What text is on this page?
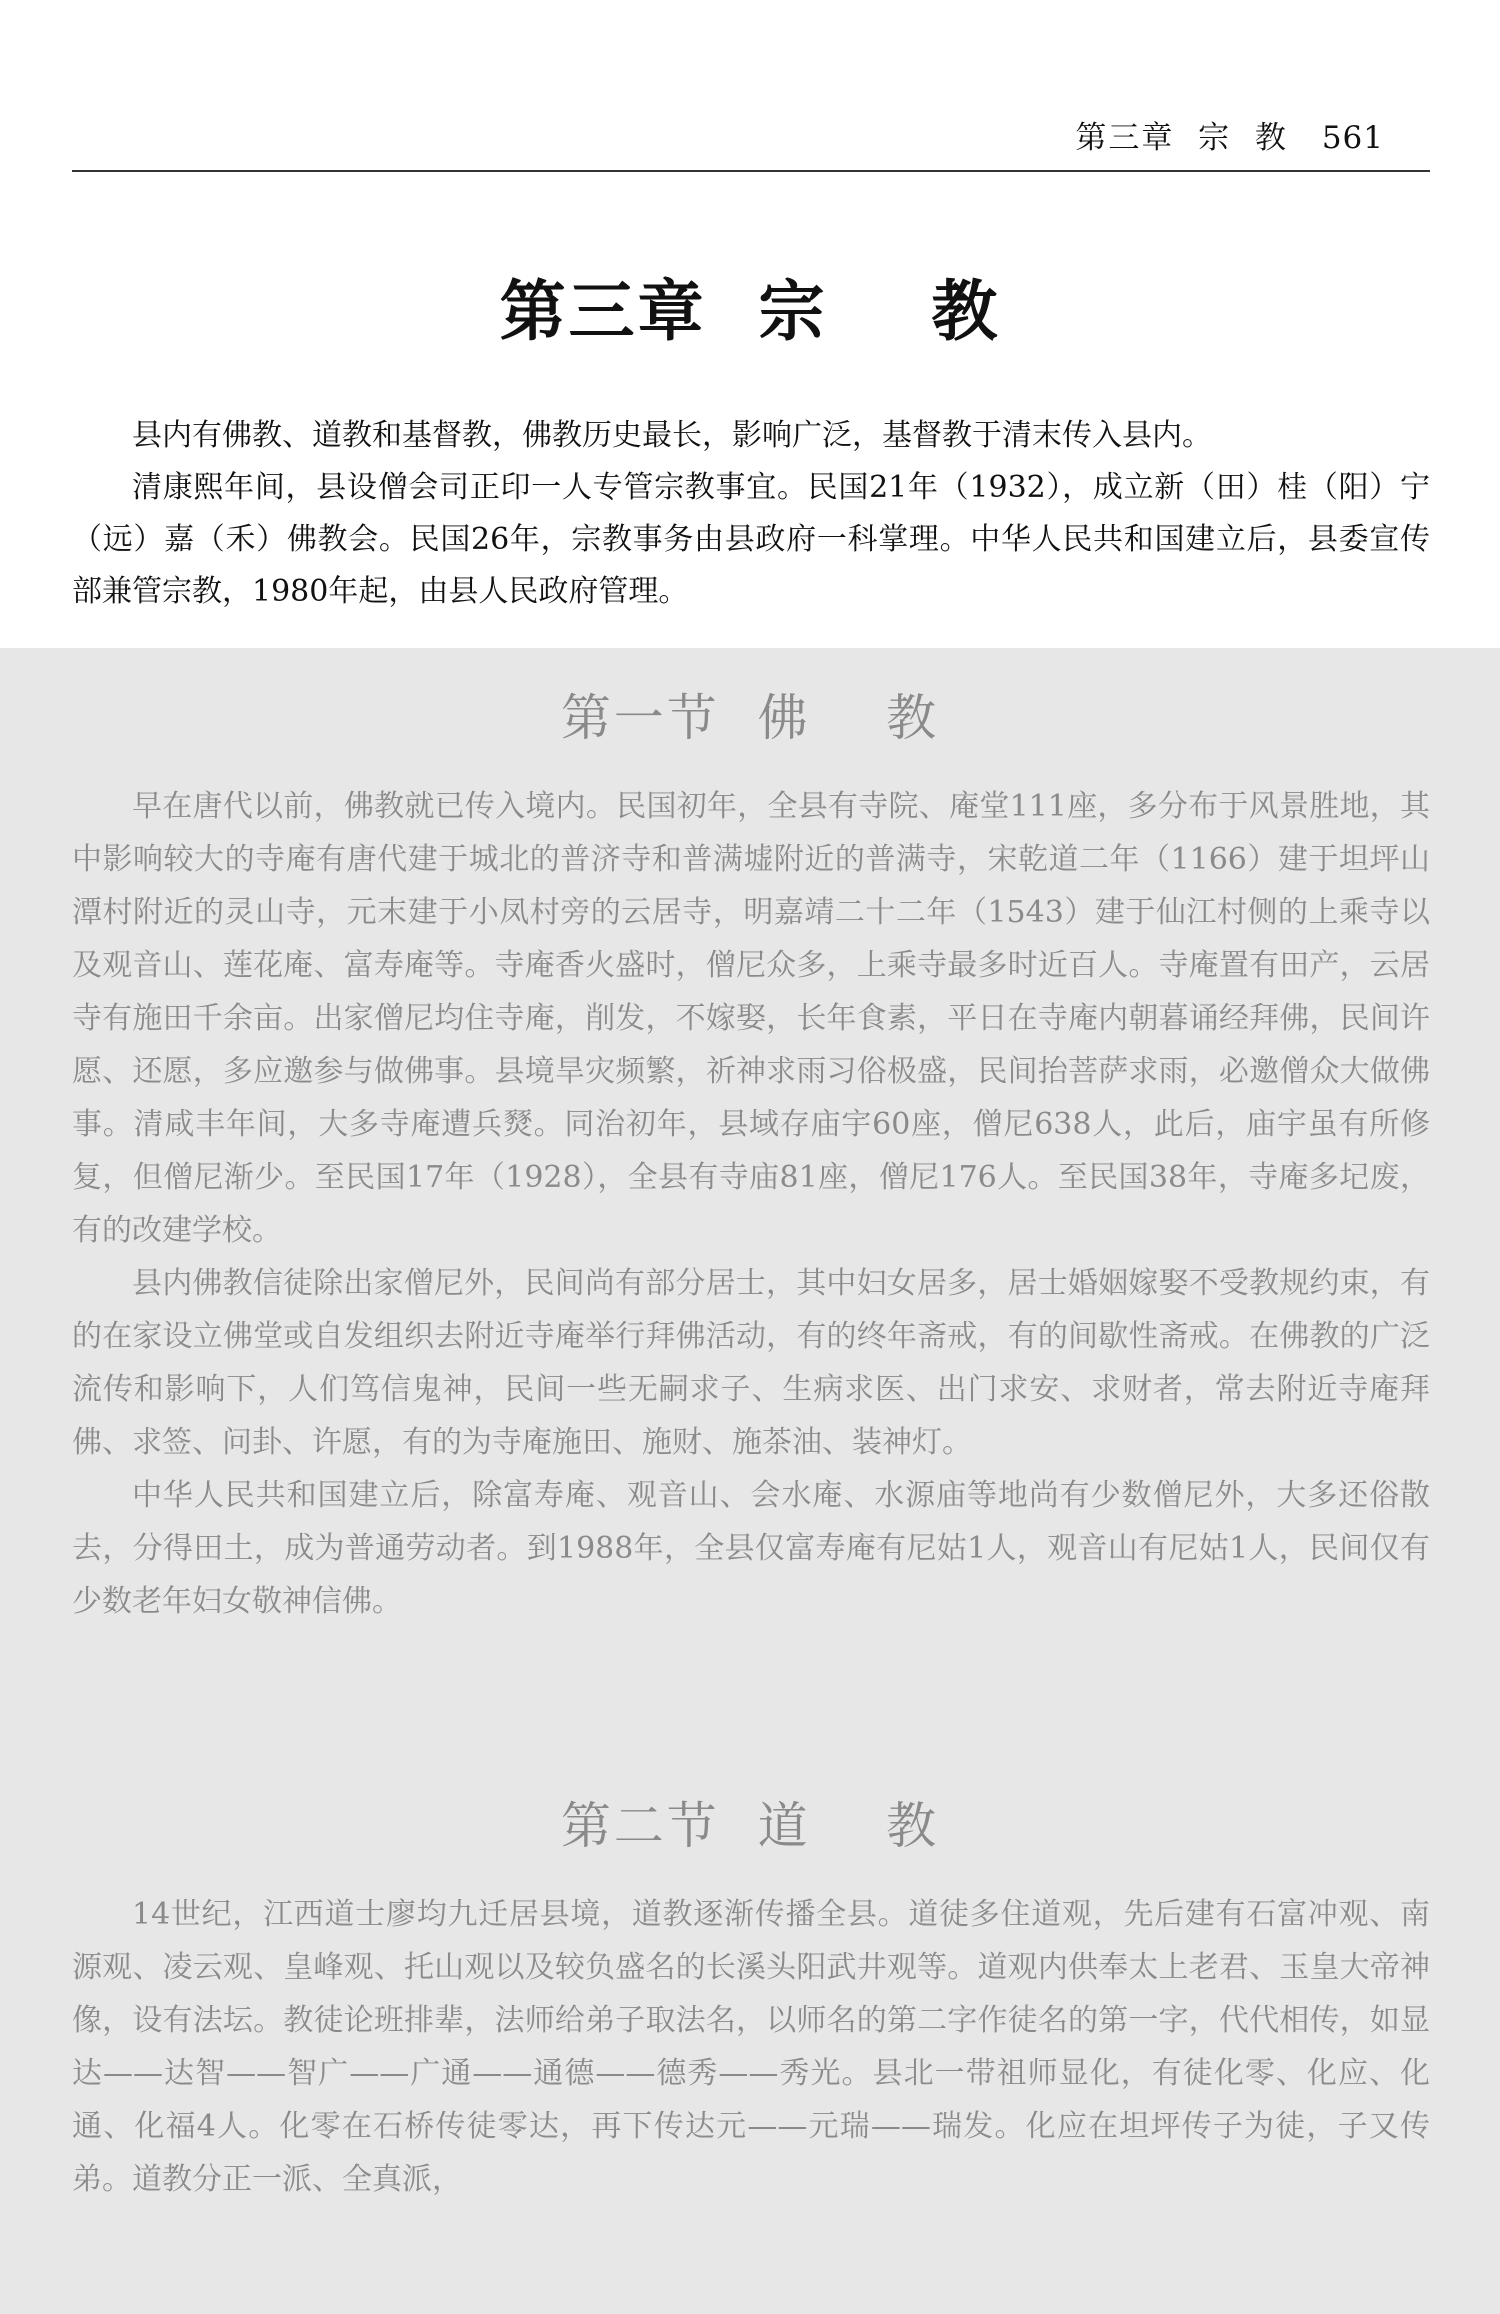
第三章  宗  教 561
第三章  宗    教

县内有佛教、道教和基督教，佛教历史最长，影响广泛，基督教于清末传入县内。

清康熙年间，县设僧会司正印一人专管宗教事宜。民国21年（1932），成立新（田）桂（阳）宁（远）嘉（禾）佛教会。民国26年，宗教事务由县政府一科掌理。中华人民共和国建立后，县委宣传部兼管宗教，1980年起，由县人民政府管理。

第一节  佛    教

早在唐代以前，佛教就已传入境内。民国初年，全县有寺院、庵堂111座，多分布于风景胜地，其中影响较大的寺庵有唐代建于城北的普济寺和普满墟附近的普满寺，宋乾道二年（1166）建于坦坪山潭村附近的灵山寺，元末建于小凤村旁的云居寺，明嘉靖二十二年（1543）建于仙江村侧的上乘寺以及观音山、莲花庵、富寿庵等。寺庵香火盛时，僧尼众多，上乘寺最多时近百人。寺庵置有田产，云居寺有施田千余亩。出家僧尼均住寺庵，削发，不嫁娶，长年食素，平日在寺庵内朝暮诵经拜佛，民间许愿、还愿，多应邀参与做佛事。县境旱灾频繁，祈神求雨习俗极盛，民间抬菩萨求雨，必邀僧众大做佛事。清咸丰年间，大多寺庵遭兵燹。同治初年，县域存庙宇60座，僧尼638人，此后，庙宇虽有所修复，但僧尼渐少。至民国17年（1928），全县有寺庙81座，僧尼176人。至民国38年，寺庵多圮废，有的改建学校。

县内佛教信徒除出家僧尼外，民间尚有部分居士，其中妇女居多，居士婚姻嫁娶不受教规约束，有的在家设立佛堂或自发组织去附近寺庵举行拜佛活动，有的终年斋戒，有的间歇性斋戒。在佛教的广泛流传和影响下，人们笃信鬼神，民间一些无嗣求子、生病求医、出门求安、求财者，常去附近寺庵拜佛、求签、问卦、许愿，有的为寺庵施田、施财、施茶油、装神灯。

中华人民共和国建立后，除富寿庵、观音山、会水庵、水源庙等地尚有少数僧尼外，大多还俗散去，分得田土，成为普通劳动者。到1988年，全县仅富寿庵有尼姑1人，观音山有尼姑1人，民间仅有少数老年妇女敬神信佛。

第二节  道    教

14世纪，江西道士廖均九迁居县境，道教逐渐传播全县。道徒多住道观，先后建有石富冲观、南源观、凌云观、皇峰观、托山观以及较负盛名的长溪头阳武井观等。道观内供奉太上老君、玉皇大帝神像，设有法坛。教徒论班排辈，法师给弟子取法名，以师名的第二字作徒名的第一字，代代相传，如显达——达智——智广——广通——通德——德秀——秀光。县北一带祖师显化，有徒化零、化应、化通、化福4人。化零在石桥传徒零达，再下传达元——元瑞——瑞发。化应在坦坪传子为徒，子又传弟。道教分正一派、全真派，
